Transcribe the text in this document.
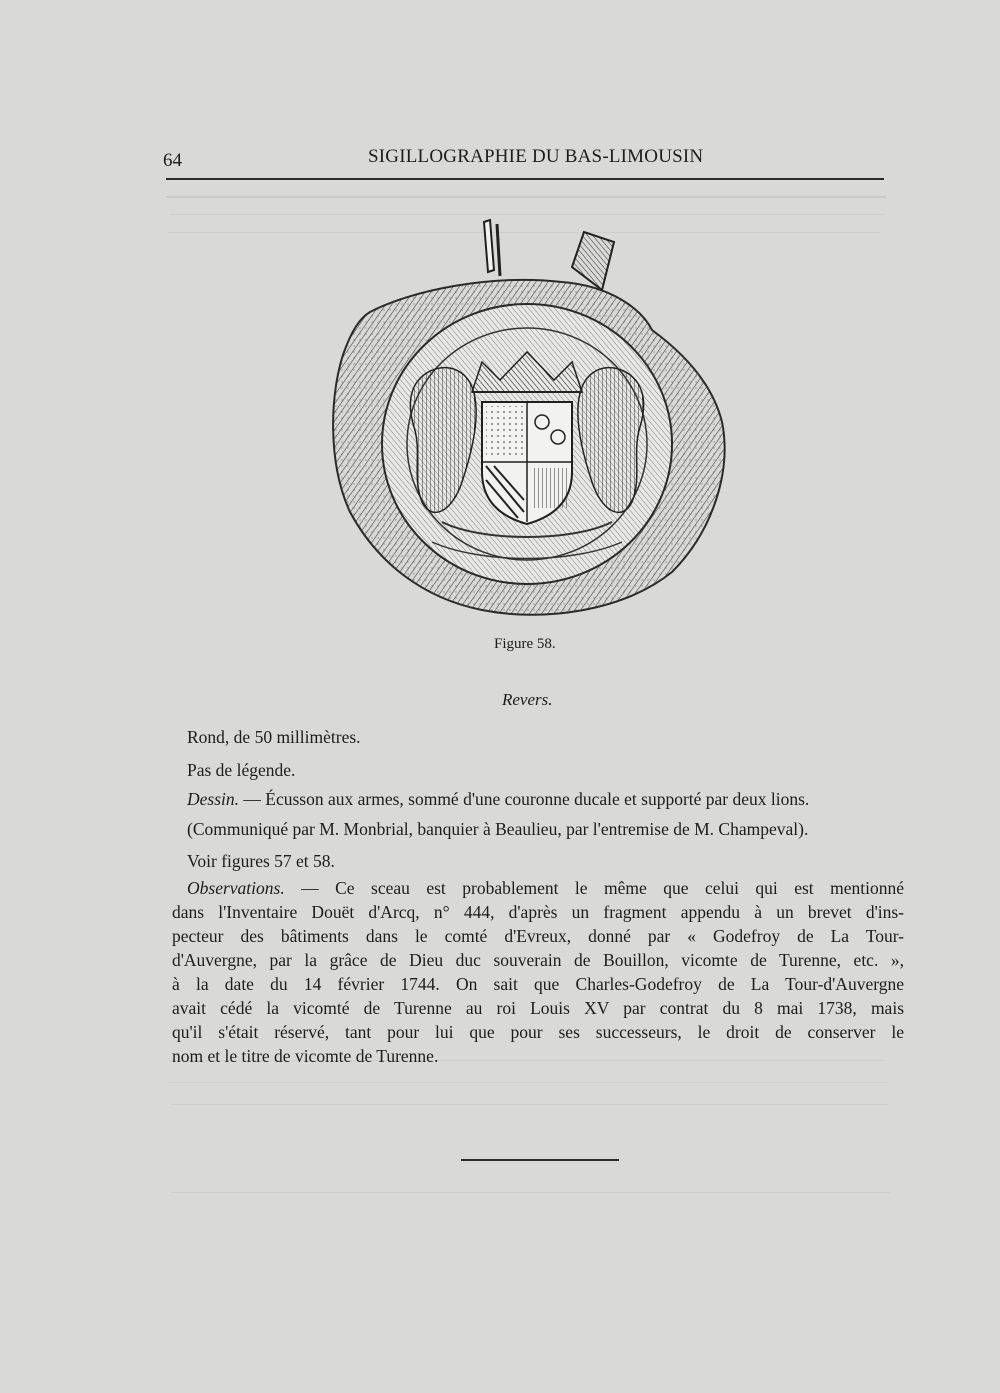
64	SIGILLOGRAPHIE DU BAS-LIMOUSIN
Figure 58.
Revers.
Rond, de 50 millimètres.
Pas de légende.
Dessin. — Écusson aux armes, sommé d'une couronne ducale et supporté par deux lions.
(Communiqué par M. Monbrial, banquier à Beaulieu, par l'entremise de M. Champeval).
Voir figures 57 et 58.
Observations. — Ce sceau est probablement le même que celui qui est mentionné
dans l'Inventaire Douët d'Arcq, n° 444, d'après un fragment appendu à un brevet d'ins-
pecteur des bâtiments dans le comté d'Evreux, donné par « Godefroy de La Tour-
d'Auvergne, par la grâce de Dieu duc souverain de Bouillon, vicomte de Turenne, etc. »,
à la date du 14 février 1744. On sait que Charles-Godefroy de La Tour-d'Auvergne
avait cédé la vicomté de Turenne au roi Louis XV par contrat du 8 mai 1738, mais
qu'il s'était réservé, tant pour lui que pour ses successeurs, le droit de conserver le
nom et le titre de vicomte de Turenne.
